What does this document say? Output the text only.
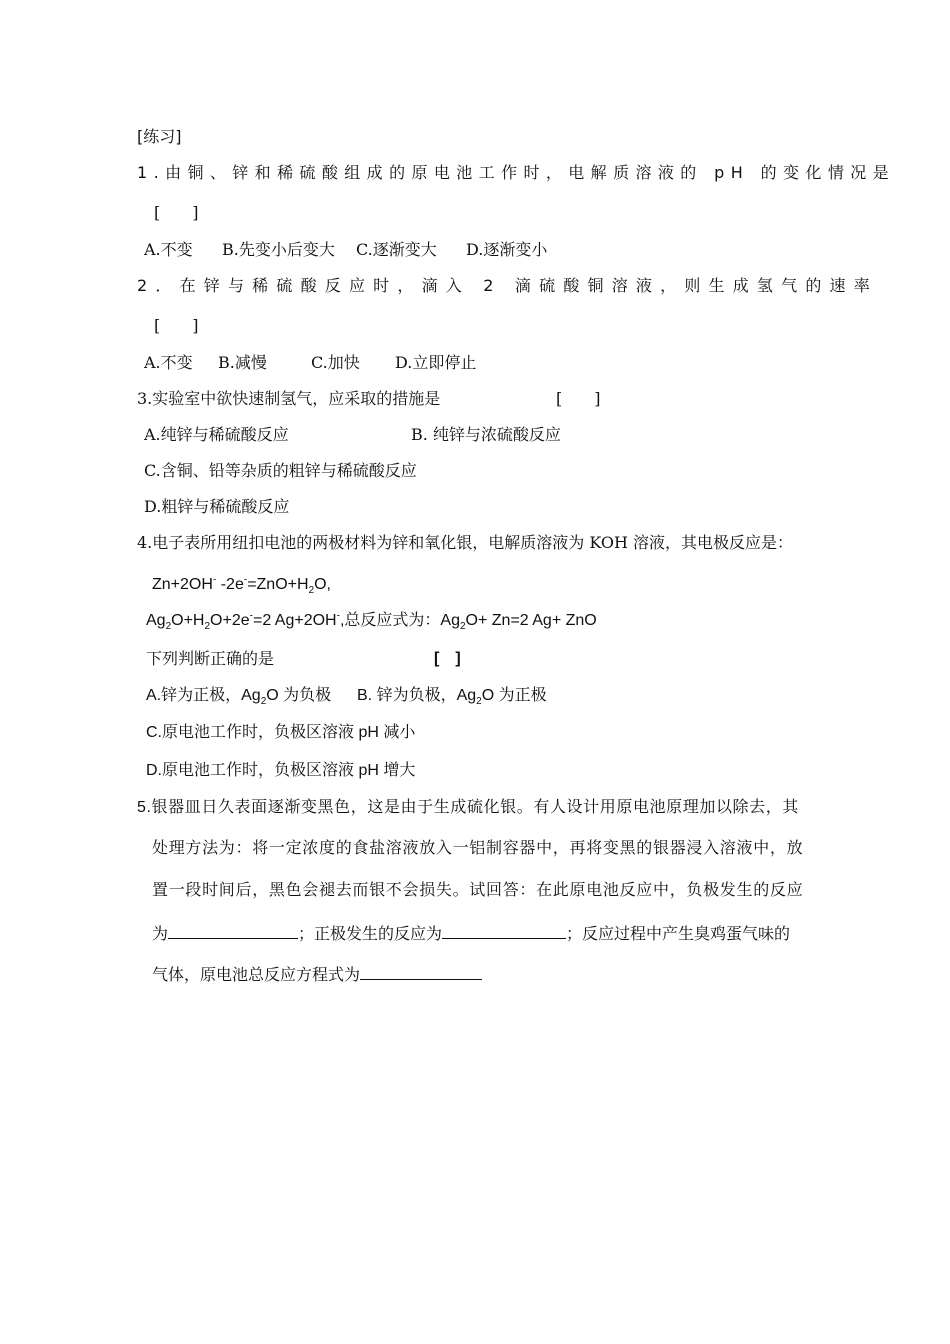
[练习]
1.由铜、锌和稀硫酸组成的原电池工作时，电解质溶液的 pH 的变化情况是
[　　]
A.不变 B.先变小后变大 C.逐渐变大 D.逐渐变小
2．在锌与稀硫酸反应时，滴入 2 滴硫酸铜溶液，则生成氢气的速率
[　　]
A.不变 B.减慢	C.加快 D.立即停止
3.实验室中欲快速制氢气，应采取的措施是	[　　]
A.纯锌与稀硫酸反应	B. 纯锌与浓硫酸反应
C.含铜、铅等杂质的粗锌与稀硫酸反应
D.粗锌与稀硫酸反应
4.电子表所用纽扣电池的两极材料为锌和氧化银，电解质溶液为 KOH 溶液，其电极反应是：
Zn+2OH- $-2e^-=ZnO+H_2O$,
$Ag_2O+H_2O+2e^-=2$ Ag+2OH-,总反应式为：$Ag_2O+ Zn=2$ Ag+ ZnO
下列判断正确的是	[　]
A.锌为正极，$Ag_2O$ 为负极 B. 锌为负极，$Ag_2O$ 为正极
C.原电池工作时，负极区溶液 pH 减小
D.原电池工作时，负极区溶液 pH 增大
5.银器皿日久表面逐渐变黑色，这是由于生成硫化银。有人设计用原电池原理加以除去，其
处理方法为：将一定浓度的食盐溶液放入一铝制容器中，再将变黑的银器浸入溶液中，放
置一段时间后，黑色会褪去而银不会损失。试回答：在此原电池反应中，负极发生的反应
为	；正极发生的反应为	；反应过程中产生臭鸡蛋气味的
气体，原电池总反应方程式为
